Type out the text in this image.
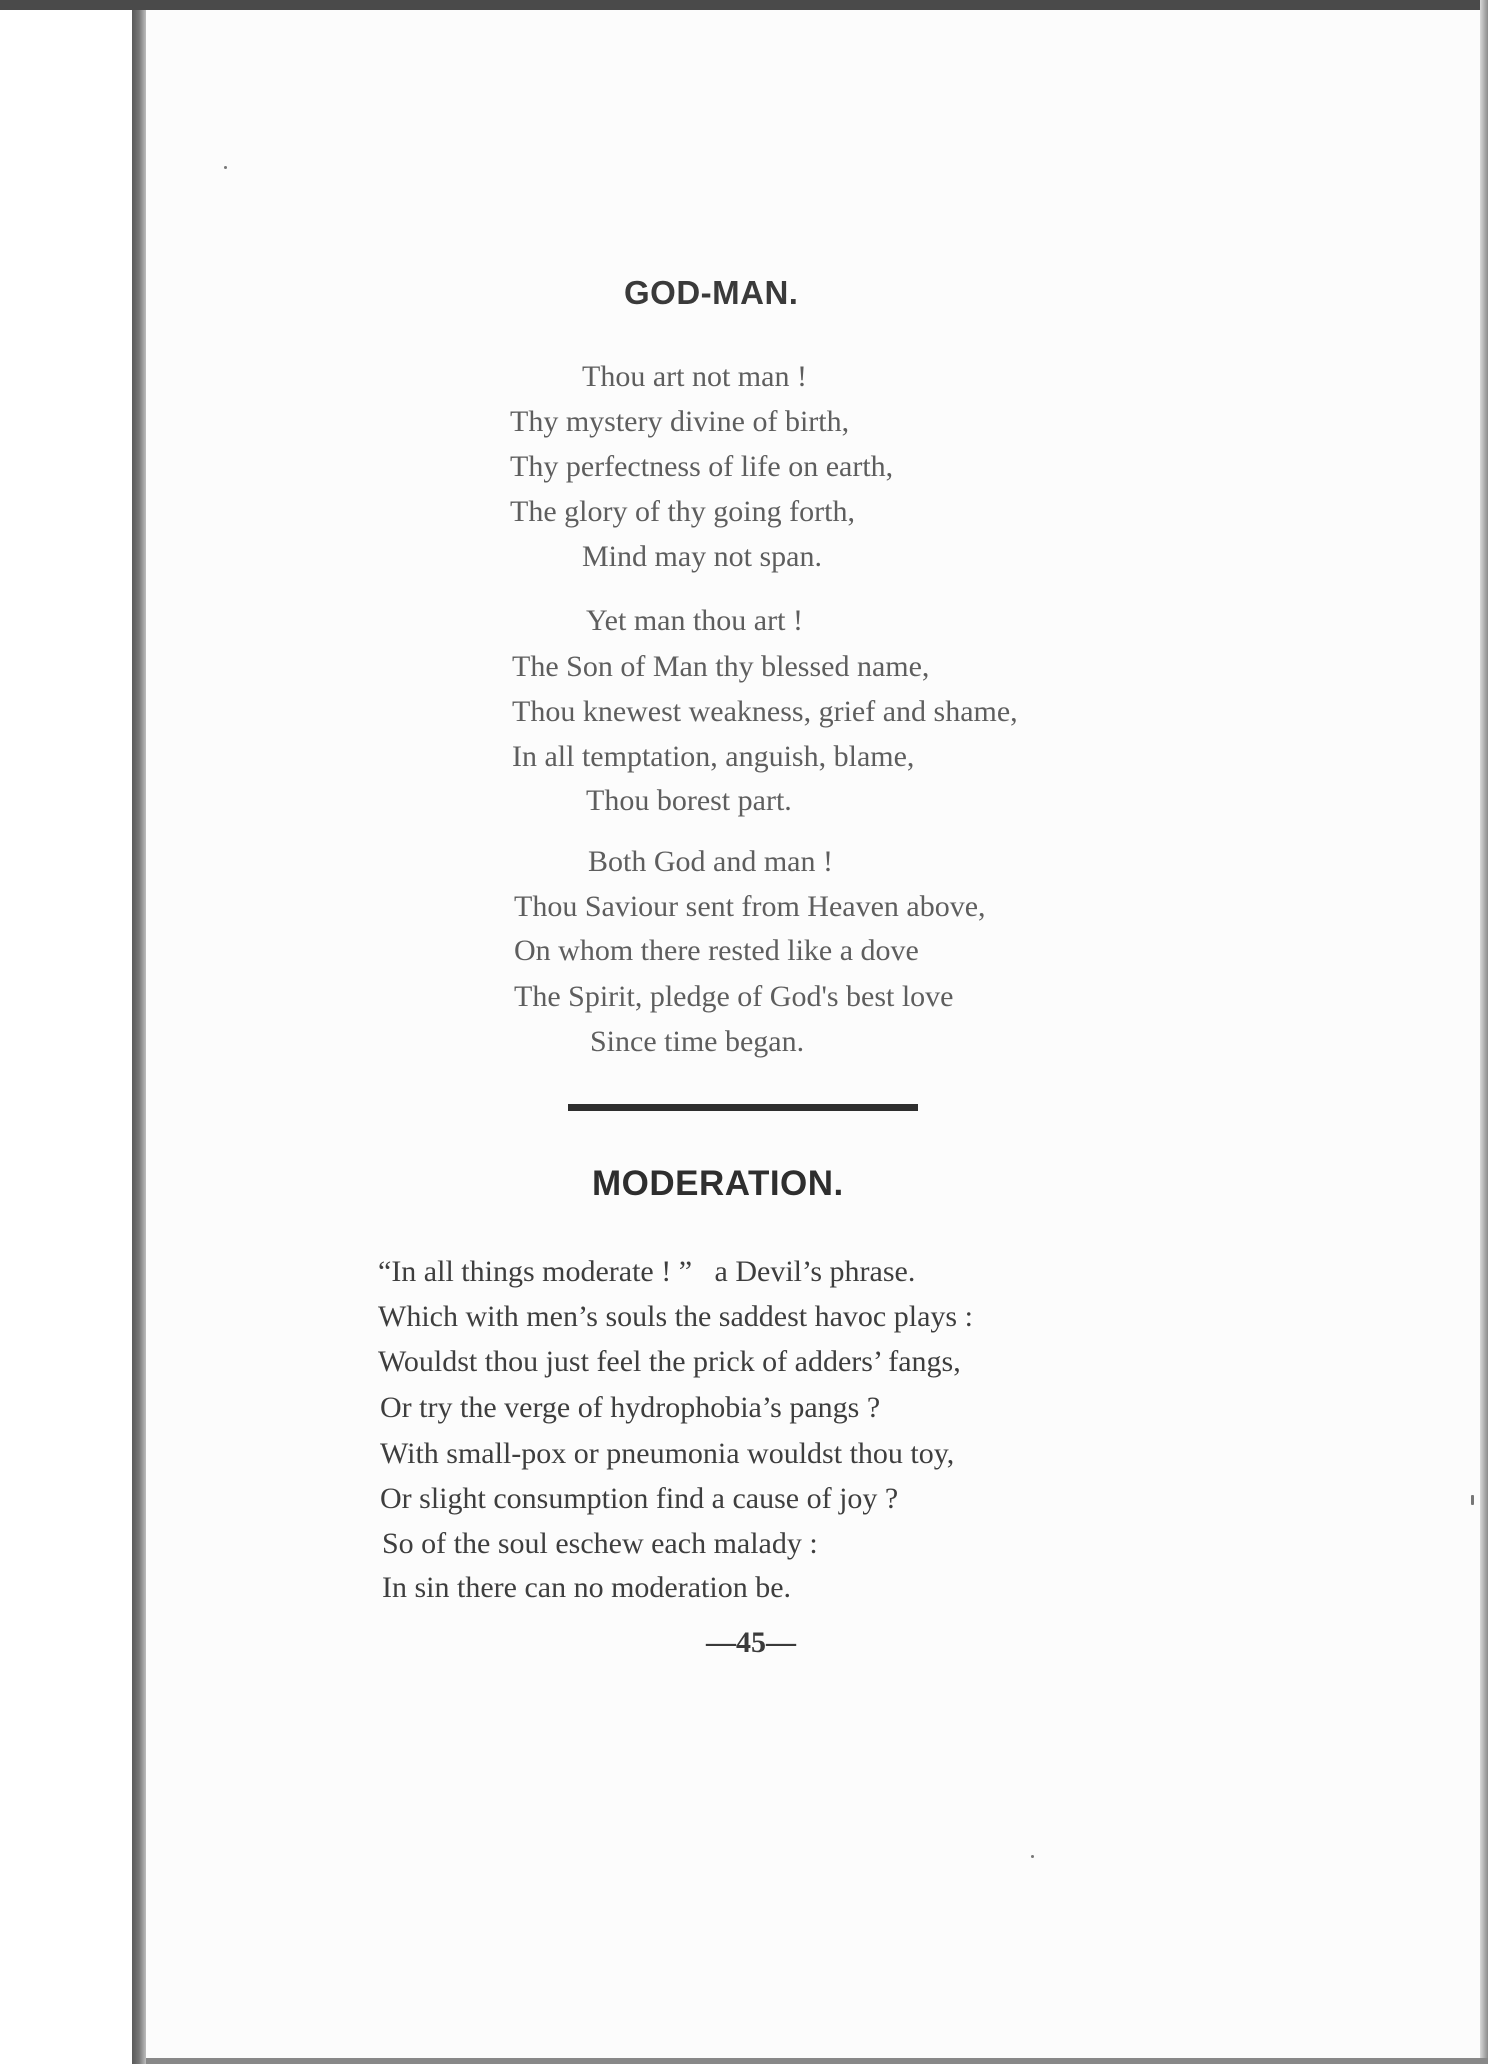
GOD-MAN.
Thou art not man !
Thy mystery divine of birth,
Thy perfectness of life on earth,
The glory of thy going forth,
Mind may not span.
Yet man thou art !
The Son of Man thy blessed name,
Thou knewest weakness, grief and shame,
In all temptation, anguish, blame,
Thou borest part.
Both God and man !
Thou Saviour sent from Heaven above,
On whom there rested like a dove
The Spirit, pledge of God's best love
Since time began.
MODERATION.
“In all things moderate ! ”   a Devil’s phrase.
Which with men’s souls the saddest havoc plays :
Wouldst thou just feel the prick of adders’ fangs,
Or try the verge of hydrophobia’s pangs ?
With small-pox or pneumonia wouldst thou toy,
Or slight consumption find a cause of joy ?
So of the soul eschew each malady :
In sin there can no moderation be.
—45—
